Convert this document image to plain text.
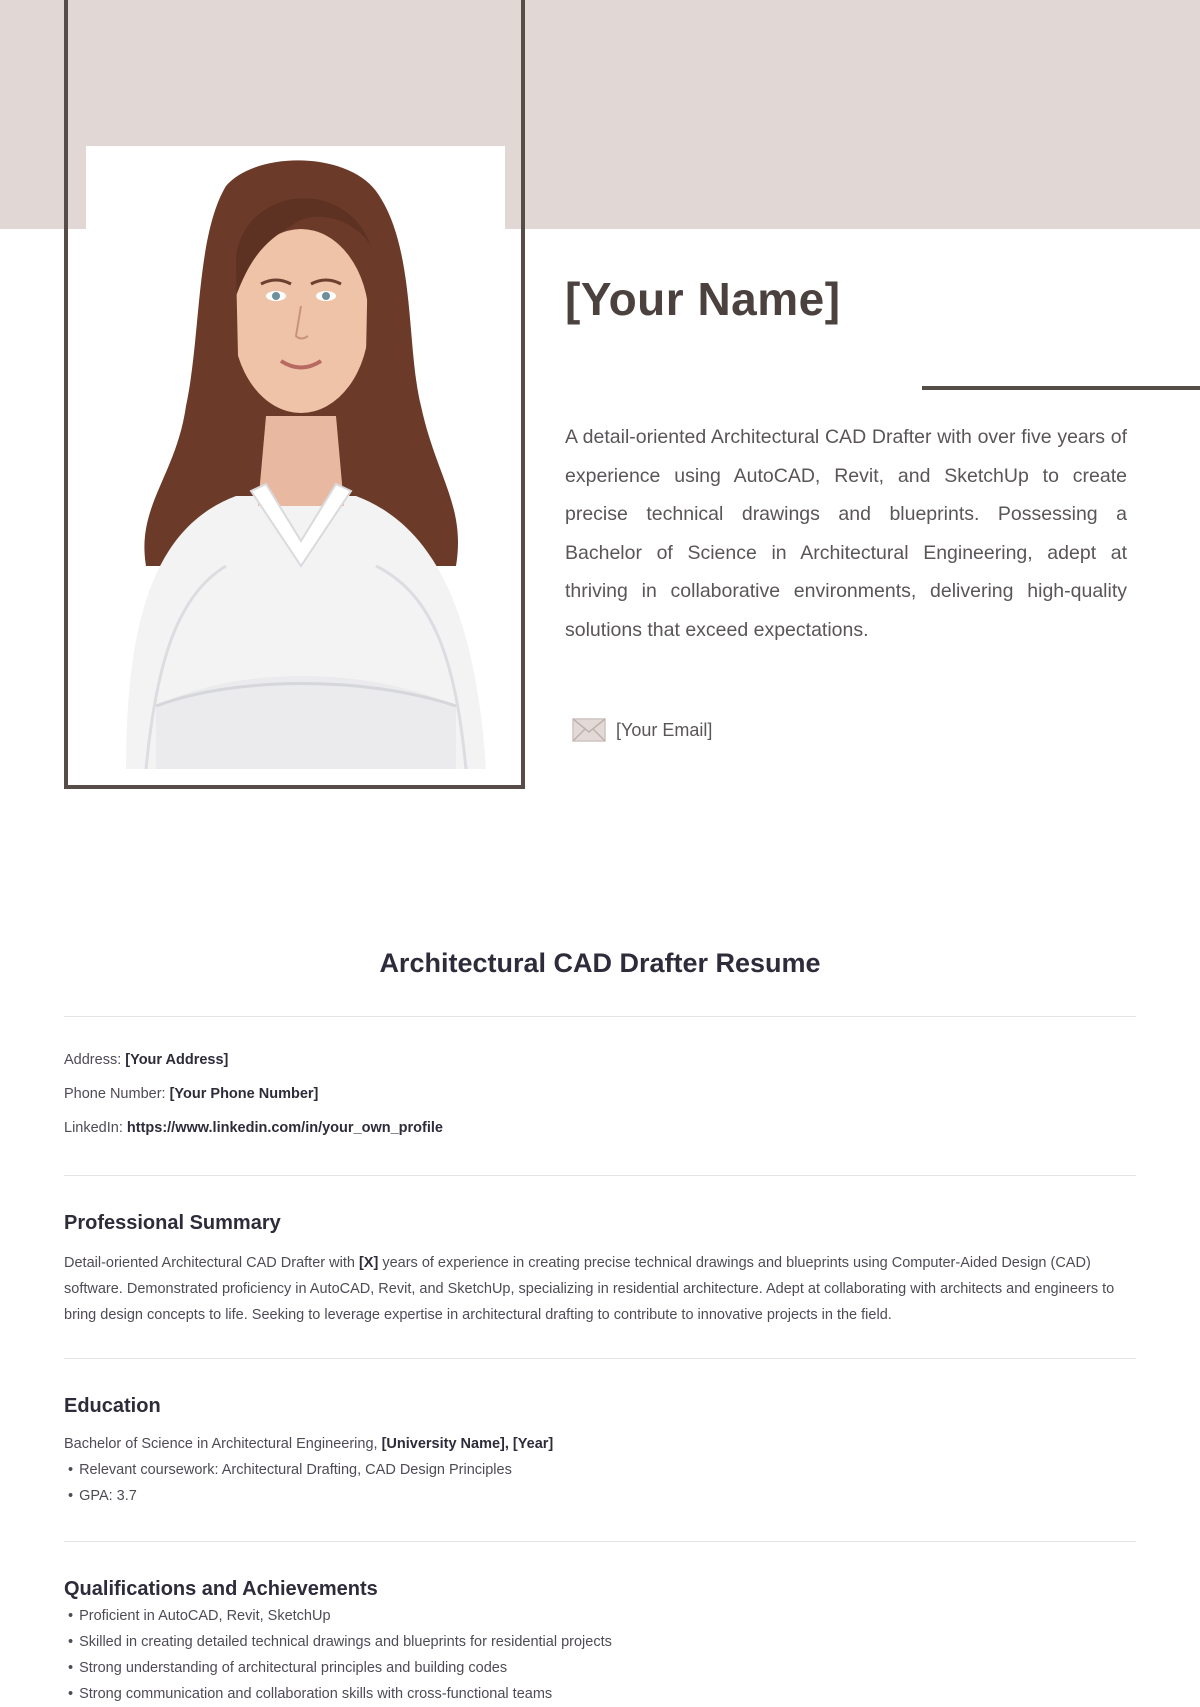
[Your Name]

A detail-oriented Architectural CAD Drafter with over five years of experience using AutoCAD, Revit, and SketchUp to create precise technical drawings and blueprints. Possessing a Bachelor of Science in Architectural Engineering, adept at thriving in collaborative environments, delivering high-quality solutions that exceed expectations.

[Your Email]
Architectural CAD Drafter Resume
Address: [Your Address]
Phone Number: [Your Phone Number]
LinkedIn: https://www.linkedin.com/in/your_own_profile
Professional Summary

Detail-oriented Architectural CAD Drafter with [X] years of experience in creating precise technical drawings and blueprints using Computer-Aided Design (CAD) software. Demonstrated proficiency in AutoCAD, Revit, and SketchUp, specializing in residential architecture. Adept at collaborating with architects and engineers to bring design concepts to life. Seeking to leverage expertise in architectural drafting to contribute to innovative projects in the field.

Education
Bachelor of Science in Architectural Engineering, [University Name], [Year]
• Relevant coursework: Architectural Drafting, CAD Design Principles
• GPA: 3.7
Qualifications and Achievements
• Proficient in AutoCAD, Revit, SketchUp
• Skilled in creating detailed technical drawings and blueprints for residential projects
• Strong understanding of architectural principles and building codes
• Strong communication and collaboration skills with cross-functional teams
